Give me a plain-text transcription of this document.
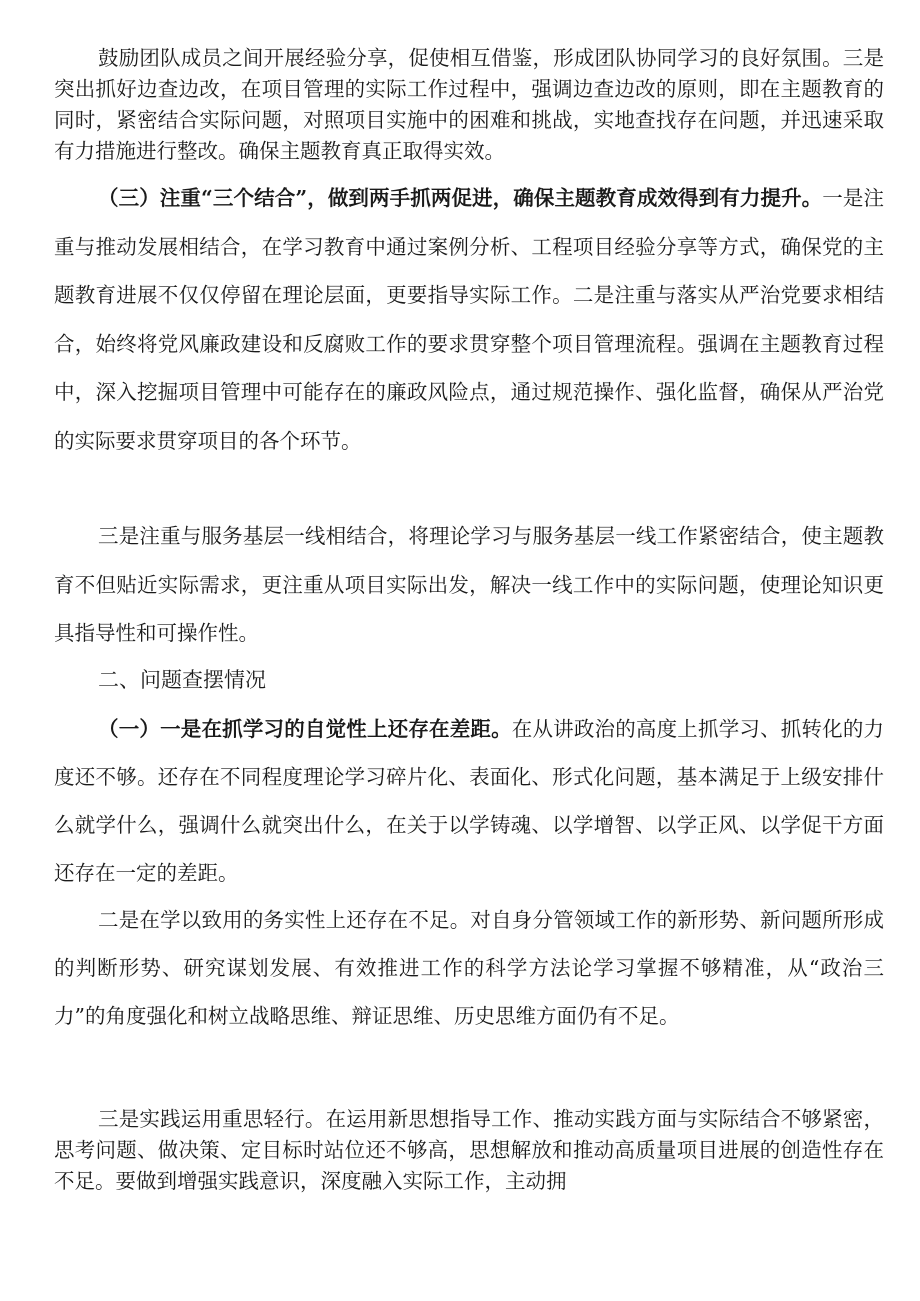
鼓励团队成员之间开展经验分享，促使相互借鉴，形成团队协同学习的良好氛围。三是突出抓好边查边改，在项目管理的实际工作过程中，强调边查边改的原则，即在主题教育的同时，紧密结合实际问题，对照项目实施中的困难和挑战，实地查找存在问题，并迅速采取有力措施进行整改。确保主题教育真正取得实效。
（三）注重“三个结合”，做到两手抓两促进，确保主题教育成效得到有力提升。一是注重与推动发展相结合，在学习教育中通过案例分析、工程项目经验分享等方式，确保党的主题教育进展不仅仅停留在理论层面，更要指导实际工作。二是注重与落实从严治党要求相结合，始终将党风廉政建设和反腐败工作的要求贯穿整个项目管理流程。强调在主题教育过程中，深入挖掘项目管理中可能存在的廉政风险点，通过规范操作、强化监督，确保从严治党的实际要求贯穿项目的各个环节。
三是注重与服务基层一线相结合，将理论学习与服务基层一线工作紧密结合，使主题教育不但贴近实际需求，更注重从项目实际出发，解决一线工作中的实际问题，使理论知识更具指导性和可操作性。
二、问题查摆情况
（一）一是在抓学习的自觉性上还存在差距。在从讲政治的高度上抓学习、抓转化的力度还不够。还存在不同程度理论学习碎片化、表面化、形式化问题，基本满足于上级安排什么就学什么，强调什么就突出什么，在关于以学铸魂、以学增智、以学正风、以学促干方面还存在一定的差距。
二是在学以致用的务实性上还存在不足。对自身分管领域工作的新形势、新问题所形成的判断形势、研究谋划发展、有效推进工作的科学方法论学习掌握不够精准，从“政治三力”的角度强化和树立战略思维、辩证思维、历史思维方面仍有不足。
三是实践运用重思轻行。在运用新思想指导工作、推动实践方面与实际结合不够紧密，思考问题、做决策、定目标时站位还不够高，思想解放和推动高质量项目进展的创造性存在不足。要做到增强实践意识，深度融入实际工作，主动拥
